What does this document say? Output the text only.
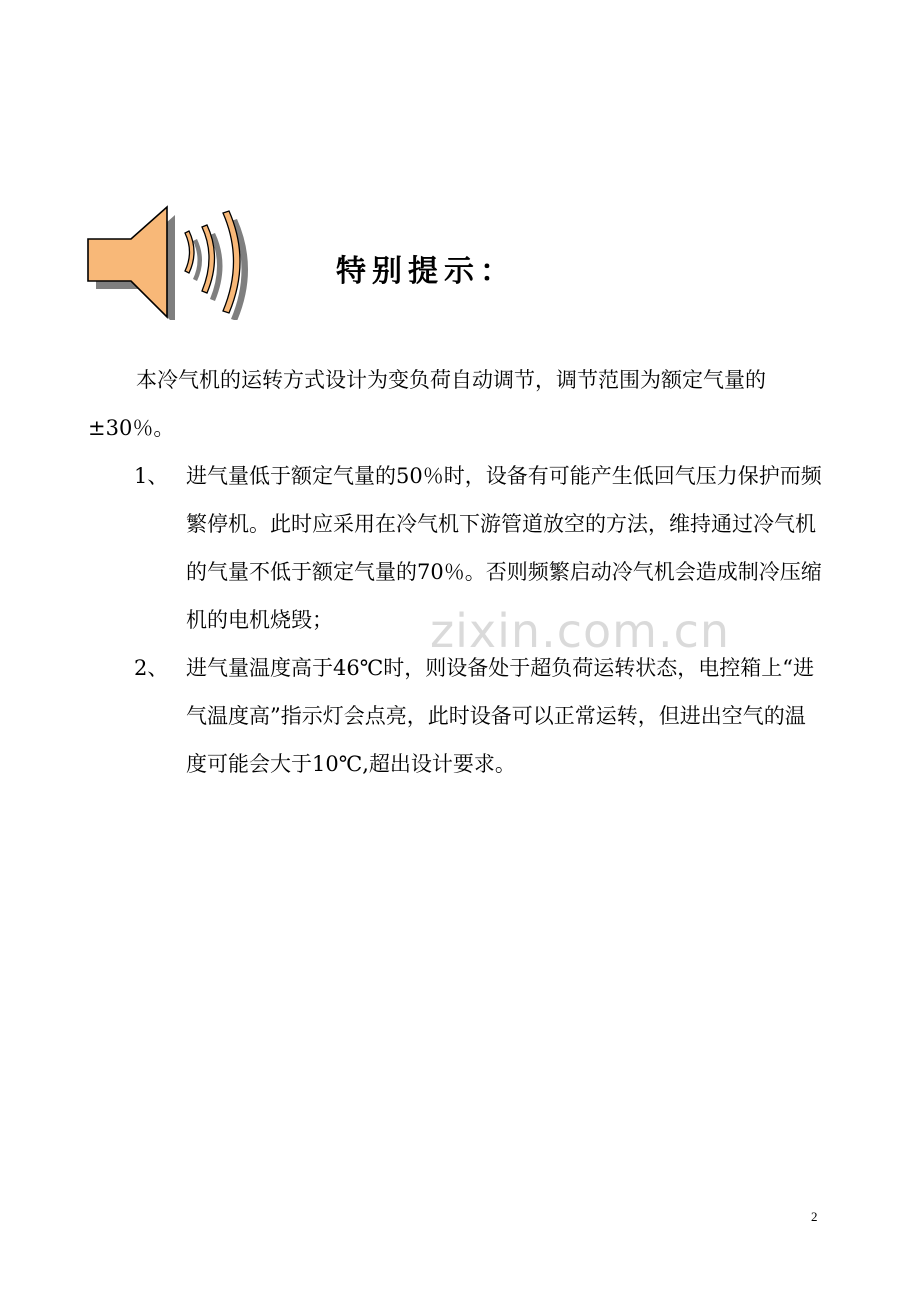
特别提示：

本冷气机的运转方式设计为变负荷自动调节，调节范围为额定气量的±30％。

1、 进气量低于额定气量的50％时，设备有可能产生低回气压力保护而频繁停机。此时应采用在冷气机下游管道放空的方法，维持通过冷气机的气量不低于额定气量的70％。否则频繁启动冷气机会造成制冷压缩机的电机烧毁；

2、 进气量温度高于46℃时，则设备处于超负荷运转状态，电控箱上“进气温度高”指示灯会点亮，此时设备可以正常运转，但进出空气的温度可能会大于10℃,超出设计要求。

zixin.com.cn
2
